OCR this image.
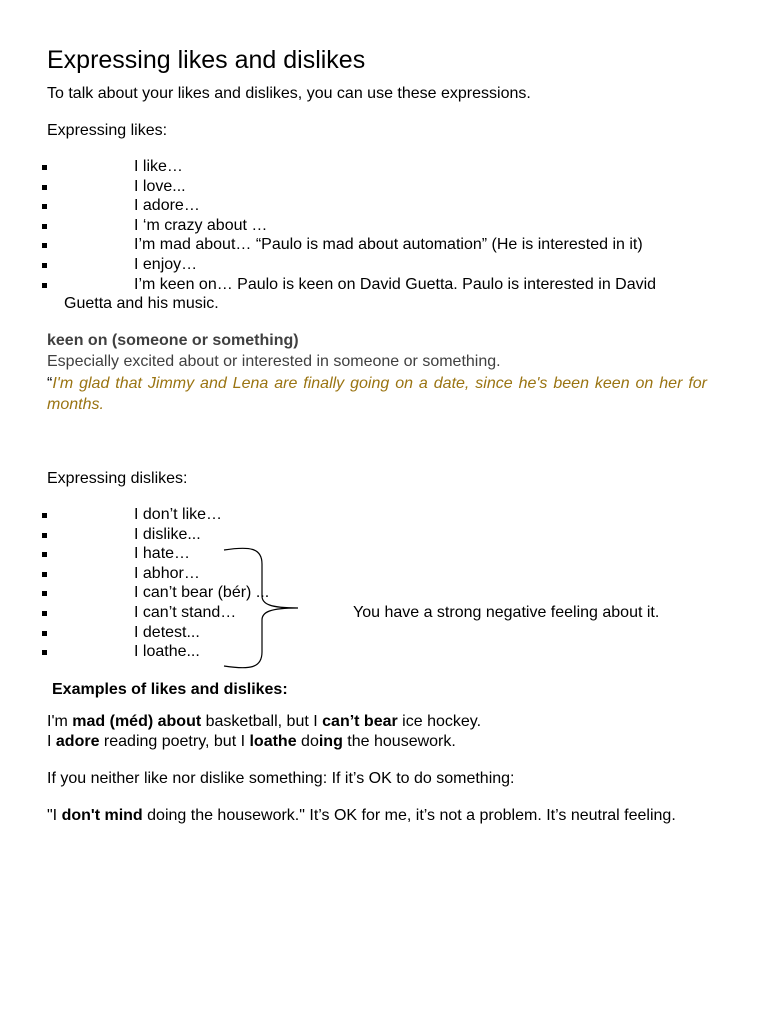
Expressing likes and dislikes
To talk about your likes and dislikes, you can use these expressions.
Expressing likes:
I like…
I love...
I adore…
I ‘m crazy about …
I’m mad about… “Paulo is mad about automation” (He is interested in it)
I enjoy…
I’m keen on… Paulo is keen on David Guetta. Paulo is interested in David
Guetta and his music.
keen on (someone or something)
Especially excited about or interested in someone or something.
“I'm glad that Jimmy and Lena are finally going on a date, since he's been keen on her for months.
Expressing dislikes:
I don’t like…
I dislike...
I hate…
I abhor…
I can’t bear (bér) ...
I can’t stand…
I detest...
I loathe...
You have a strong negative feeling about it.
Examples of likes and dislikes:
I'm mad (méd) about basketball, but I can’t bear ice hockey.
I adore reading poetry, but I loathe doing the housework.
If you neither like nor dislike something: If it’s OK to do something:
"I don't mind doing the housework." It’s OK for me, it’s not a problem. It’s neutral feeling.
